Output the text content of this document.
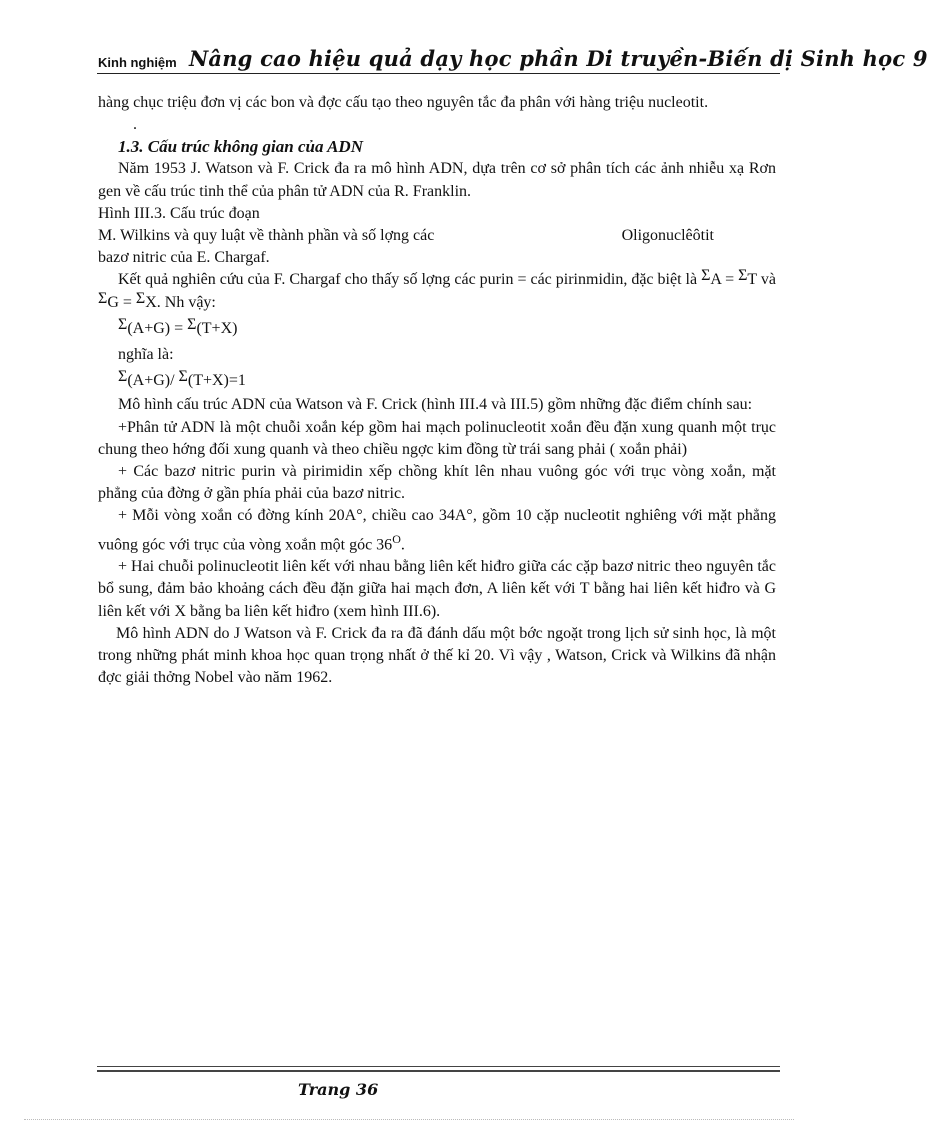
Kinh nghiệm Nâng cao hiệu quả dạy học phần Di truyền-Biến dị Sinh học 9

hàng chục triệu đơn vị các bon và đợc cấu tạo theo nguyên tắc đa phân với hàng triệu nucleotit.

.

1.3. Cấu trúc không gian của ADN

Năm 1953 J. Watson và F. Crick đa ra mô hình ADN, dựa trên cơ sở phân tích các ảnh nhiễu xạ Rơn gen về cấu trúc tinh thể của phân tử ADN của R. Franklin.

Hình III.3. Cấu trúc đoạn

M. Wilkins và quy luật về thành phần và số lợng các	Oligonuclêôtit

bazơ nitric của E. Chargaf.

Kết quả nghiên cứu của F. Chargaf cho thấy số lợng các purin = các pirinmidin, đặc biệt là ΣA = ΣT và ΣG = ΣX. Nh vậy:

Σ(A+G) = Σ(T+X)

nghĩa là:

Σ(A+G)/ Σ(T+X)=1

Mô hình cấu trúc ADN của Watson và F. Crick (hình III.4 và III.5) gồm những đặc điểm chính sau:

+Phân tử ADN là một chuỗi xoắn kép gồm hai mạch polinucleotit xoắn đều đặn xung quanh một trục chung theo hớng đối xung quanh và theo chiều ngợc kim đồng từ trái sang phải ( xoắn phải)

+ Các bazơ nitric purin và pirimidin xếp chồng khít lên nhau vuông góc với trục vòng xoắn, mặt phẳng của đờng ở gần phía phải của bazơ nitric.

+ Mỗi vòng xoắn có đờng kính 20A°, chiều cao 34A°, gồm 10 cặp nucleotit nghiêng với mặt phẳng vuông góc với trục của vòng xoắn một góc $36^O$.

+ Hai chuỗi polinucleotit liên kết với nhau bằng liên kết hiđro giữa các cặp bazơ nitric theo nguyên tắc bổ sung, đảm bảo khoảng cách đều đặn giữa hai mạch đơn, A liên kết với T bằng hai liên kết hiđro và G liên kết với X bằng ba liên kết hiđro (xem hình III.6).

Mô hình ADN do J Watson và F. Crick đa ra đã đánh dấu một bớc ngoặt trong lịch sử sinh học, là một trong những phát minh khoa học quan trọng nhất ở thế kỉ 20. Vì vậy , Watson, Crick và Wilkins đã nhận đợc giải thởng Nobel vào năm 1962.

Trang 36
